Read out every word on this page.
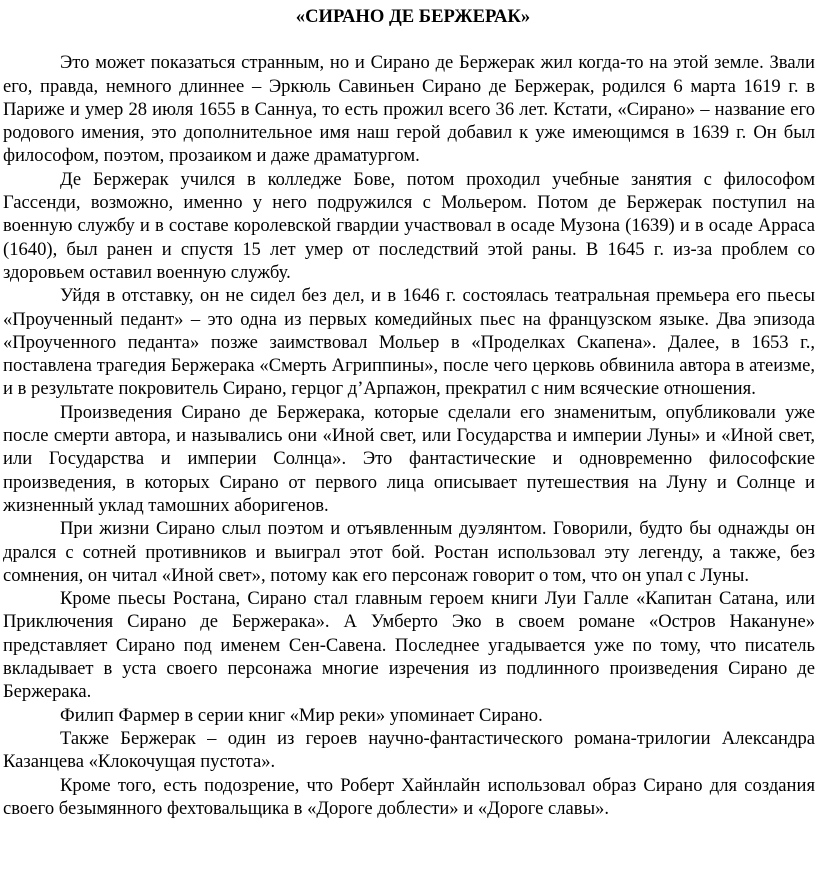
«СИРАНО ДЕ БЕРЖЕРАК»

Это может показаться странным, но и Сирано де Бержерак жил когда-то на этой земле. Звали его, правда, немного длиннее – Эркюль Савиньен Сирано де Бержерак, родился 6 марта 1619 г. в Париже и умер 28 июля 1655 в Саннуа, то есть прожил всего 36 лет. Кстати, «Сирано» – название его родового имения, это дополнительное имя наш герой добавил к уже имеющимся в 1639 г. Он был философом, поэтом, прозаиком и даже драматургом.

Де Бержерак учился в колледже Бове, потом проходил учебные занятия с философом Гассенди, возможно, именно у него подружился с Мольером. Потом де Бержерак поступил на военную службу и в составе королевской гвардии участвовал в осаде Музона (1639) и в осаде Арраса (1640), был ранен и спустя 15 лет умер от последствий этой раны. В 1645 г. из-за проблем со здоровьем оставил военную службу.

Уйдя в отставку, он не сидел без дел, и в 1646 г. состоялась театральная премьера его пьесы «Проученный педант» – это одна из первых комедийных пьес на французском языке. Два эпизода «Проученного педанта» позже заимствовал Мольер в «Проделках Скапена». Далее, в 1653 г., поставлена трагедия Бержерака «Смерть Агриппины», после чего церковь обвинила автора в атеизме, и в результате покровитель Сирано, герцог д’Арпажон, прекратил с ним всяческие отношения.

Произведения Сирано де Бержерака, которые сделали его знаменитым, опубликовали уже после смерти автора, и назывались они «Иной свет, или Государства и империи Луны» и «Иной свет, или Государства и империи Солнца». Это фантастические и одновременно философские произведения, в которых Сирано от первого лица описывает путешествия на Луну и Солнце и жизненный уклад тамошних аборигенов.

При жизни Сирано слыл поэтом и отъявленным дуэлянтом. Говорили, будто бы однажды он дрался с сотней противников и выиграл этот бой. Ростан использовал эту легенду, а также, без сомнения, он читал «Иной свет», потому как его персонаж говорит о том, что он упал с Луны.

Кроме пьесы Ростана, Сирано стал главным героем книги Луи Галле «Капитан Сатана, или Приключения Сирано де Бержерака». А Умберто Эко в своем романе «Остров Накануне» представляет Сирано под именем Сен-Савена. Последнее угадывается уже по тому, что писатель вкладывает в уста своего персонажа многие изречения из подлинного произведения Сирано де Бержерака.

Филип Фармер в серии книг «Мир реки» упоминает Сирано.

Также Бержерак – один из героев научно-фантастического романа-трилогии Александра Казанцева «Клокочущая пустота».

Кроме того, есть подозрение, что Роберт Хайнлайн использовал образ Сирано для создания своего безымянного фехтовальщика в «Дороге доблести» и «Дороге славы».
